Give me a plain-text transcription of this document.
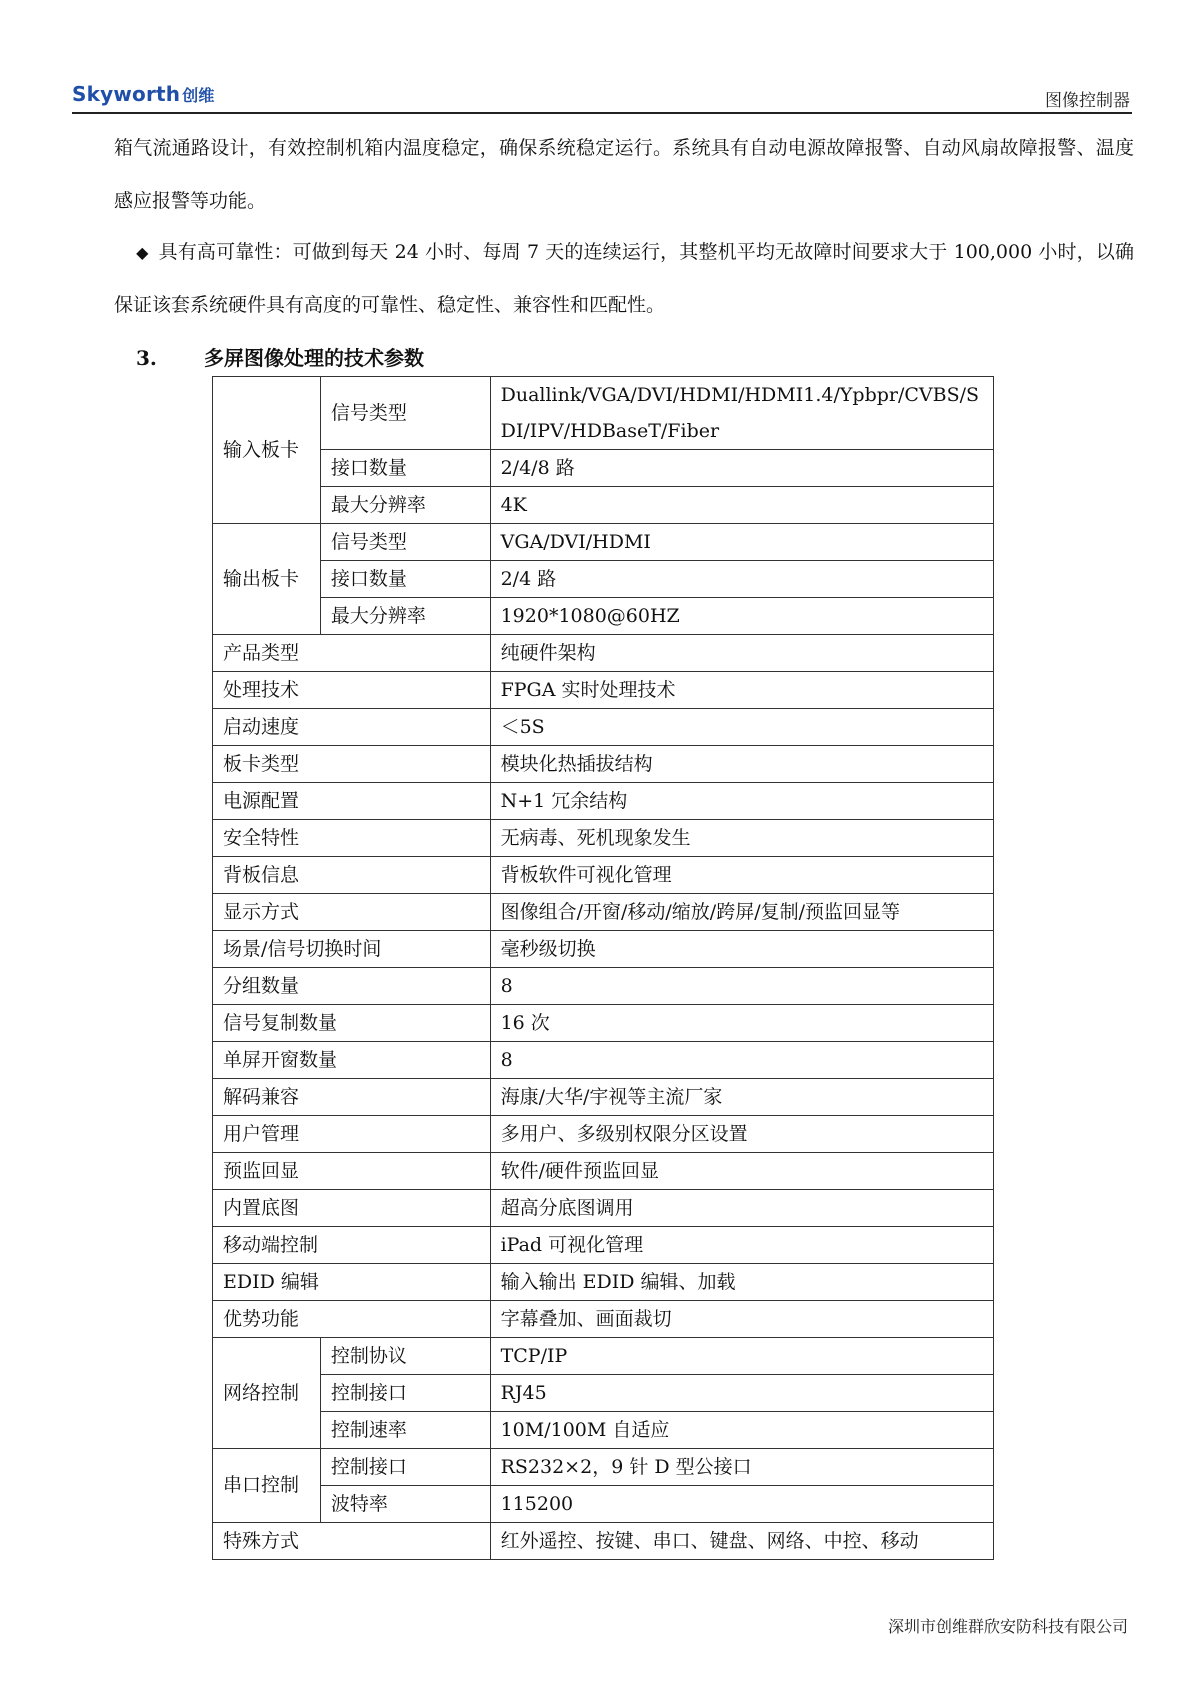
Skyworth 创维	图像控制器
箱气流通路设计，有效控制机箱内温度稳定，确保系统稳定运行。系统具有自动电源故障报警、自动风扇故障报警、温度感应报警等功能。
◆ 具有高可靠性：可做到每天 24 小时、每周 7 天的连续运行，其整机平均无故障时间要求大于 100,000 小时，以确保证该套系统硬件具有高度的可靠性、稳定性、兼容性和匹配性。
3. 多屏图像处理的技术参数
输入板卡	信号类型	Duallink/VGA/DVI/HDMI/HDMI1.4/Ypbpr/CVBS/SDI/IPV/HDBaseT/Fiber
	接口数量	2/4/8 路
	最大分辨率	4K
输出板卡	信号类型	VGA/DVI/HDMI
	接口数量	2/4 路
	最大分辨率	1920*1080@60HZ
产品类型		纯硬件架构
处理技术		FPGA 实时处理技术
启动速度		＜5S
板卡类型		模块化热插拔结构
电源配置		N+1 冗余结构
安全特性		无病毒、死机现象发生
背板信息		背板软件可视化管理
显示方式		图像组合/开窗/移动/缩放/跨屏/复制/预监回显等
场景/信号切换时间		毫秒级切换
分组数量		8
信号复制数量		16 次
单屏开窗数量		8
解码兼容		海康/大华/宇视等主流厂家
用户管理		多用户、多级别权限分区设置
预监回显		软件/硬件预监回显
内置底图		超高分底图调用
移动端控制		iPad 可视化管理
EDID 编辑		输入输出 EDID 编辑、加载
优势功能		字幕叠加、画面裁切
网络控制	控制协议	TCP/IP
	控制接口	RJ45
	控制速率	10M/100M 自适应
串口控制	控制接口	RS232×2，9 针 D 型公接口
	波特率	115200
特殊方式		红外遥控、按键、串口、键盘、网络、中控、移动
深圳市创维群欣安防科技有限公司
